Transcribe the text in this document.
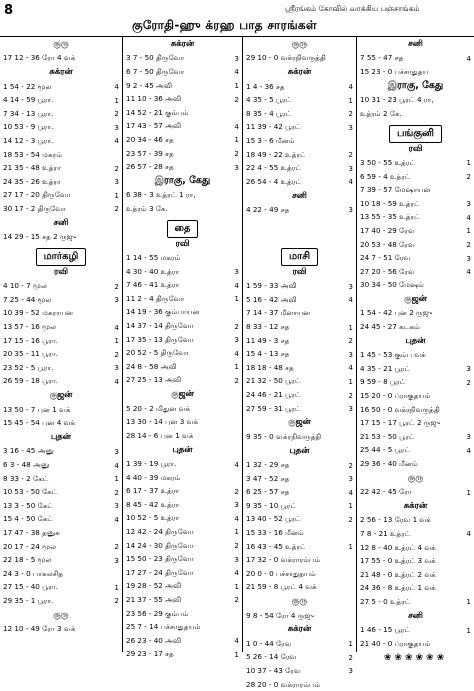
8	ஸ்ரீரங்கம் கோவில் வாக்கிய பஞ்சாங்கம்
குரோதி-ஹு க்ரஹ பாத சாரங்கள்
குரு
17 12 - 36 ரோ 4 வக்
சுக்ரன்
1 54 - 22 மூல	4
4 14 - 59 பூரா.	1
7 34 - 13 பூரா.	2
10 53 - 9 பூரா.	3
14 12 - 3 பூரா.	4
18 53 - 54 மகரம்
21 35 - 48 உத்ரா	2
24 35 - 26 உத்ரா	3
27 17 - 20 திருவோ	1
30 17 - 2 திருவோ	2
சனி
14 29 - 15 சத 2 ருஜு
மார்கழி
ரவி
4 10 - 7 மூல	2
7 25 - 44 மூல	3
10 39 - 52 மகராயன
13 57 - 16 மூல	4
17 15 - 16 பூரா.	1
20 35 - 11 பூரா.	2
23 52 - 5 பூரா.	3
26 59 - 18 பூரா.	4
குஜன்
13 50 - 7 புன 1 வக்
15 45 - 54 புன 4 வக்
புதன்
3 16 - 45 அனு	3
6 3 - 48 அனு	4
8 33 - 2 கேட்	1
10 53 - 50 கேட்	2
13 3 - 50 கேட்	3
15 4 - 50 கேட்	4
17 47 - 38 தனுசு
20 17 - 24 மூல	2
22 18 - 5 மூல	3
24 3 - 0 பாசுலசித
27 15 - 40 பூரா.	1
29 35 - 1 பூரா.	2
குரு
12 10 - 49 ரோ 3 வக்
சுக்ரன்
3 7 - 50 திருவோ	3
6 7 - 50 திருவோ	4
9 2 - 45 அவி	1
11 10 - 36 அவி	2
14 52 - 21 கும்பம்
17 43 - 57 அவி	4
20 34 - 46 சத	1
23 57 - 39 சத	2
26 57 - 28 சத	3
இராகு, கேது
6 38 - 3 உத்ரட் 1 ரா,
உத்ரம் 3 கே.
தை
ரவி
1 14 - 55 மகரம்
4 30 - 40 உத்ரா	3
7 46 - 41 உத்ரா	4
11 2 - 4 திருவோ	1
14 19 - 36 கும்பாயன
14 37 - 14 திருவோ	2
17 35 - 13 திருவோ	3
20 52 - 5 திருவோ	4
24 8 - 58 அவி	1
27 25 - 13 அவி	2
குஜன்
5 20 - 2 மிதுன வக்
13 30 - 14 புன 3 வக்
28 14 - 6 புன 1 வக்
புதன்
1 39 - 19 பூரா.	4
4 40 - 39 மகரம்
6 17 - 37 உத்ரா	2
8 45 - 42 உத்ரா	3
10 52 - 5 உத்ரா	4
12 42 - 24 திருவோ	1
14 24 - 30 திருவோ	2
15 50 - 23 திருவோ	3
17 27 - 24 திருவோ	4
19 28 - 52 அவி	1
21 37 - 55 அவி	2
23 56 - 29 கும்பம்
25 7 - 14 பச்சாதுதயம்
26 23 - 40 அவி	4
29 23 - 17 சத	1
குரு
29 10 - 0 வக்ரநிவருத்தி
சுக்ரன்
1 4 - 36 சத	4
4 35 - 5 பூரட்	1
8 35 - 4 பூரட்	2
11 39 - 42 பூரட்	3
15 3 - 6 மீனம்
18 49 - 22 உத்ரட்	2
22 4 - 55 உத்ரட்	3
26 54 - 4 உத்ரட்	4
சனி
4 22 - 49 சத	3
மாசி
ரவி
1 59 - 33 அவி	3
5 16 - 42 அவி	4
7 14 - 37 மீனாயன
8 33 - 12 சத	1
11 49 - 3 சத	2
15 4 - 13 சத	3
18 18 - 48 சத	4
21 32 - 50 பூரட்	1
24 46 - 21 பூரட்	2
27 59 - 31 பூரட்	3
குஜன்
9 35 - 0 வக்ரநிவருத்தி
புதன்
1 32 - 29 சத	2
3 47 - 52 சத	3
6 25 - 57 சத	4
9 35 - 10 பூரட்	1
13 40 - 52 பூரட்	2
15 33 - 16 மீனம்
16 43 - 45 உத்ரட்	1
17 32 - 0 வக்ராரம்பம்
20 0 - 0 பச்சாதுதயம்
21 59 - 8 பூரட் 4 வக்
குரு
9 8 - 54 ரோ 4 ருஜு
சுக்ரன்
1 0 - 44 ரேவ	1
5 26 - 14 ரேவ	2
10 37 - 43 ரேவ	3
28 20 - 0 வக்ராரம்பம்
சனி
7 55 - 47 சத	4
15 23 - 0 பச்சாதுதய
இராகு, கேது
10 31 - 23 பூரட் 4 ரா,
உத்ரம் 2 கே.
பங்குனி
ரவி
3 50 - 55 உத்ரட்	1
6 59 - 4 உத்ரட்	2
7 39 - 57 மேஷாயன
10 18 - 59 உத்ரட்	3
13 55 - 35 உத்ரட்	4
17 40 - 29 ரேவ	1
20 53 - 48 ரேவ	2
24 7 - 51 ரேவ	3
27 20 - 56 ரேவ	4
30 34 - 50 மேஷம்
குஜன்
1 54 - 42 புன 2 ருஜு
24 45 - 27 கடகம்
புதன்
1 45 - 53 கும்ப வக்
4 35 - 21 பூரட்	3
9 59 - 8 பூரட்	2
15 20 - 0 ப்ராகுதயம்
16 50 - 0 வக்ரநிவருத்தி
17 15 - 17 பூரட் 2 ருஜு
21 53 - 50 பூரட்	3
25 44 - 5 பூரட்	4
29 36 - 40 மீனம்
குரு
22 42 - 45 ரோ	1
சுக்ரன்
2 56 - 13 ரேவ 1 வக்
7 8 - 21 உத்ரட்	4
12 8 - 40 உத்ரட் 4 வக்
17 55 - 0 உத்ரட் 3 வக்
21 48 - 0 உத்ரட் 2 வக்
24 36 - 8 உத்ரட் 1 வக்
27 5 - 0 உத்ரட்	1
சனி
1 46 - 15 பூரட்	1
21 40 - 0 ப்ராகுதயம்
❀❀❀❀❀❀
